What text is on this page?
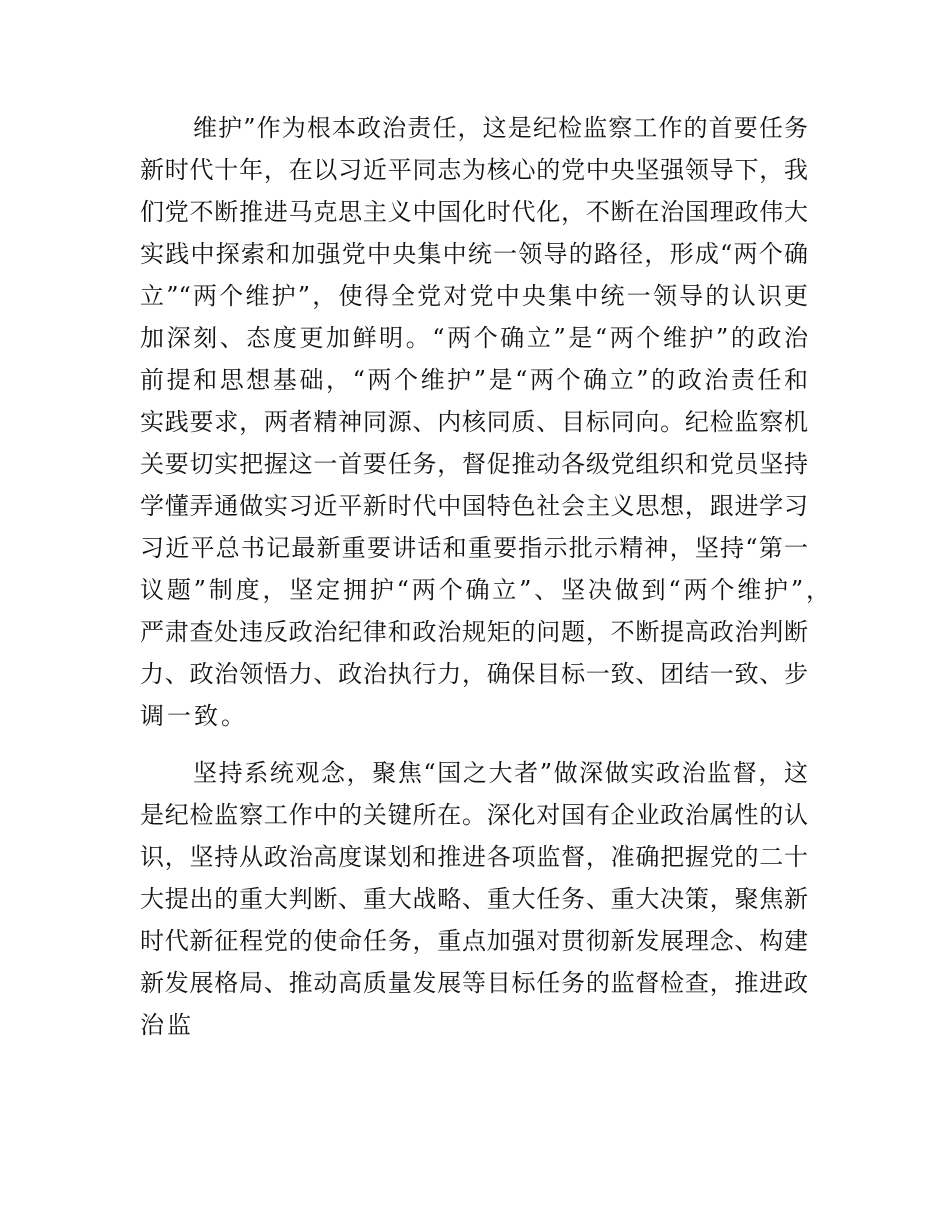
维护”作为根本政治责任，这是纪检监察工作的首要任务
新时代十年，在以习近平同志为核心的党中央坚强领导下，我
们党不断推进马克思主义中国化时代化，不断在治国理政伟大
实践中探索和加强党中央集中统一领导的路径，形成“两个确
立”“两个维护”，使得全党对党中央集中统一领导的认识更
加深刻、态度更加鲜明。“两个确立”是“两个维护”的政治
前提和思想基础，“两个维护”是“两个确立”的政治责任和
实践要求，两者精神同源、内核同质、目标同向。纪检监察机
关要切实把握这一首要任务，督促推动各级党组织和党员坚持
学懂弄通做实习近平新时代中国特色社会主义思想，跟进学习
习近平总书记最新重要讲话和重要指示批示精神，坚持“第一
议题”制度，坚定拥护“两个确立”、坚决做到“两个维护”，
严肃查处违反政治纪律和政治规矩的问题，不断提高政治判断
力、政治领悟力、政治执行力，确保目标一致、团结一致、步
调一致。
坚持系统观念，聚焦“国之大者”做深做实政治监督，这
是纪检监察工作中的关键所在。深化对国有企业政治属性的认
识，坚持从政治高度谋划和推进各项监督，准确把握党的二十
大提出的重大判断、重大战略、重大任务、重大决策，聚焦新
时代新征程党的使命任务，重点加强对贯彻新发展理念、构建
新发展格局、推动高质量发展等目标任务的监督检查，推进政
治监
